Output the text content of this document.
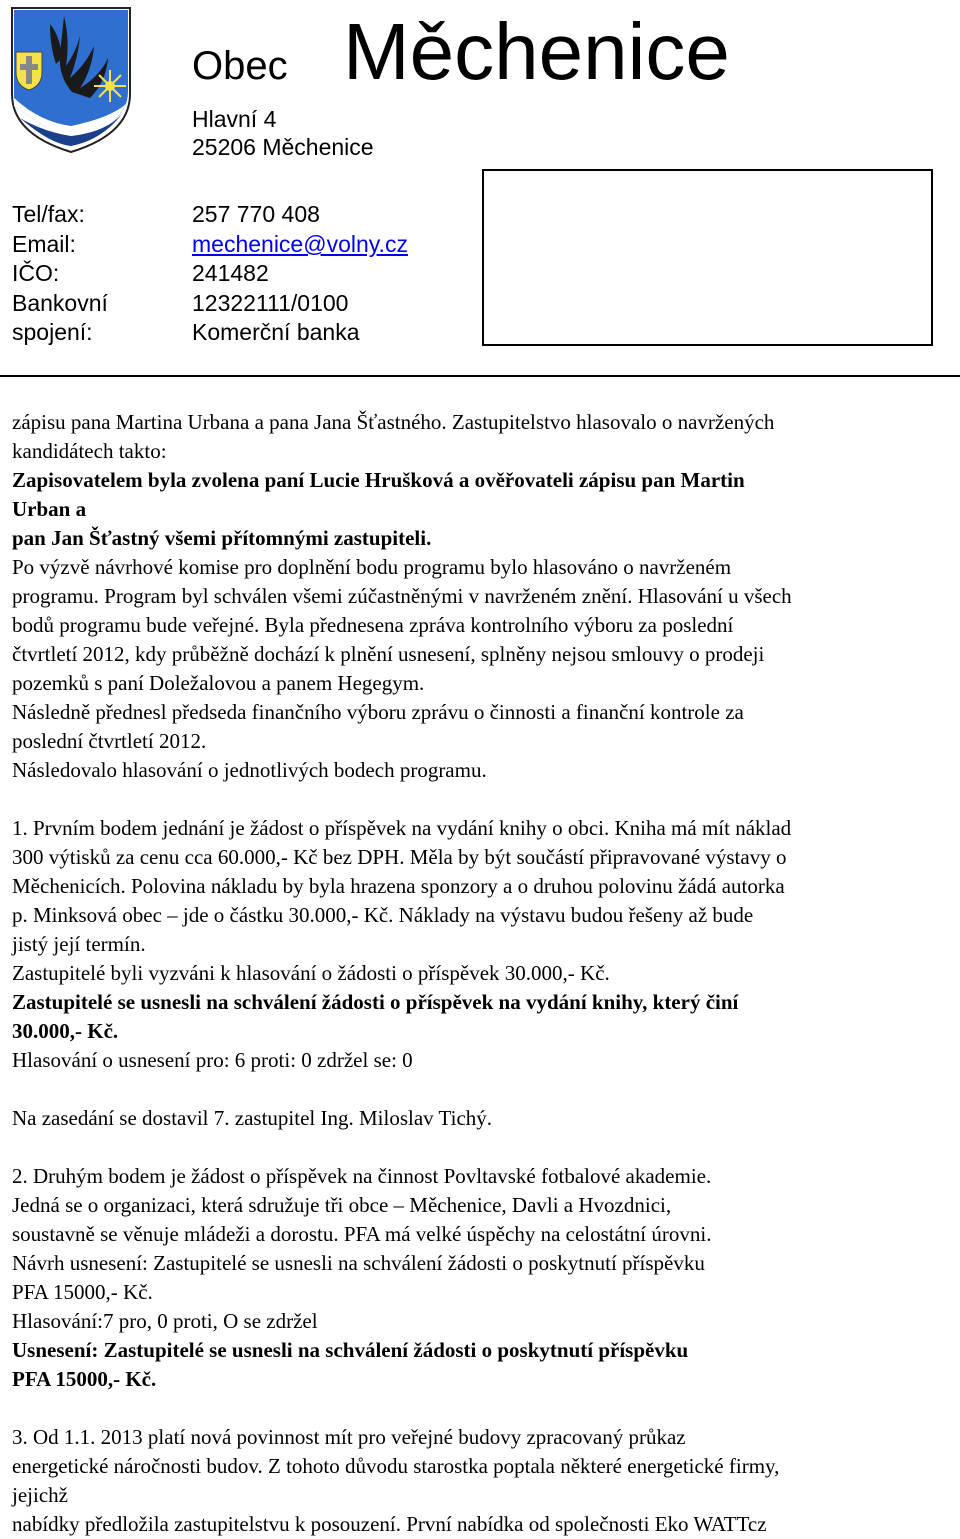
Obec Měchenice
Hlavní 4
25206 Měchenice
Tel/fax:	257 770 408
Email:	mechenice@volny.cz
IČO:	241482
Bankovní	12322111/0100
spojení:	Komerční banka

zápisu pana Martina Urbana a pana Jana Šťastného. Zastupitelstvo hlasovalo o navržených

kandidátech takto:

Zapisovatelem byla zvolena paní Lucie Hrušková a ověřovateli zápisu pan Martin

Urban a

pan Jan Šťastný všemi přítomnými zastupiteli.

Po výzvě návrhové komise pro doplnění bodu programu bylo hlasováno o navrženém

programu. Program byl schválen všemi zúčastněnými v navrženém znění. Hlasování u všech

bodů programu bude veřejné. Byla přednesena zpráva kontrolního výboru za poslední

čtvrtletí 2012, kdy průběžně dochází k plnění usnesení, splněny nejsou smlouvy o prodeji

pozemků s paní Doležalovou a panem Hegegym.

Následně přednesl předseda finančního výboru zprávu o činnosti a finanční kontrole za

poslední čtvrtletí 2012.

Následovalo hlasování o jednotlivých bodech programu.

1. Prvním bodem jednání je žádost o příspěvek na vydání knihy o obci. Kniha má mít náklad

300 výtisků za cenu cca 60.000,- Kč bez DPH. Měla by být součástí připravované výstavy o

Měchenicích. Polovina nákladu by byla hrazena sponzory a o druhou polovinu žádá autorka

p. Minksová obec – jde o částku 30.000,- Kč. Náklady na výstavu budou řešeny až bude

jistý její termín.

Zastupitelé byli vyzváni k hlasování o žádosti o příspěvek 30.000,- Kč.

Zastupitelé se usnesli na schválení žádosti o příspěvek na vydání knihy, který činí

30.000,- Kč.

Hlasování o usnesení pro: 6 proti: 0 zdržel se: 0

Na zasedání se dostavil 7. zastupitel Ing. Miloslav Tichý.

2. Druhým bodem je žádost o příspěvek na činnost Povltavské fotbalové akademie.

Jedná se o organizaci, která sdružuje tři obce – Měchenice, Davli a Hvozdnici,

soustavně se věnuje mládeži a dorostu. PFA má velké úspěchy na celostátní úrovni.

Návrh usnesení: Zastupitelé se usnesli na schválení žádosti o poskytnutí příspěvku

PFA 15000,- Kč.

Hlasování:7 pro, 0 proti, O se zdržel

Usnesení: Zastupitelé se usnesli na schválení žádosti o poskytnutí příspěvku

PFA 15000,- Kč.

3. Od 1.1. 2013 platí nová povinnost mít pro veřejné budovy zpracovaný průkaz

energetické náročnosti budov. Z tohoto důvodu starostka poptala některé energetické firmy,

jejichž

nabídky předložila zastupitelstvu k posouzení. První nabídka od společnosti Eko WATTcz
